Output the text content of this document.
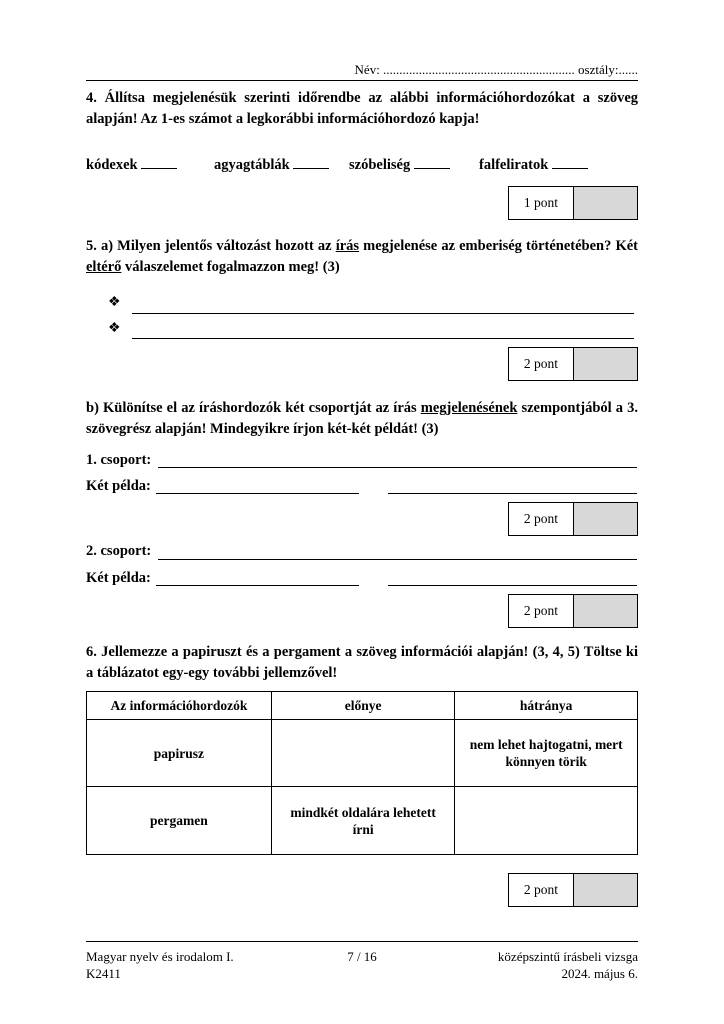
Név: ........................................................... osztály:......
4. Állítsa megjelenésük szerinti időrendbe az alábbi információhordozókat a szöveg alapján! Az 1-es számot a legkorábbi információhordozó kapja!
kódexek	agyagtáblák	szóbeliség	falfeliratok
1 pont
5. a) Milyen jelentős változást hozott az írás megjelenése az emberiség történetében? Két eltérő válaszelemet fogalmazzon meg! (3)
❖
❖
2 pont
b) Különítse el az íráshordozók két csoportját az írás megjelenésének szempontjából a 3. szövegrész alapján! Mindegyikre írjon két-két példát! (3)
1. csoport:
Két példa:
2 pont
2. csoport:
Két példa:
2 pont
6. Jellemezze a papiruszt és a pergament a szöveg információi alapján! (3, 4, 5) Töltse ki a táblázatot egy-egy további jellemzővel!
Az információhordozók	előnye	hátránya
papirusz		nem lehet hajtogatni, mert könnyen törik
pergamen	mindkét oldalára lehetett írni	
2 pont
Magyar nyelv és irodalom I.
K2411
7 / 16	középszintű írásbeli vizsga
2024. május 6.
